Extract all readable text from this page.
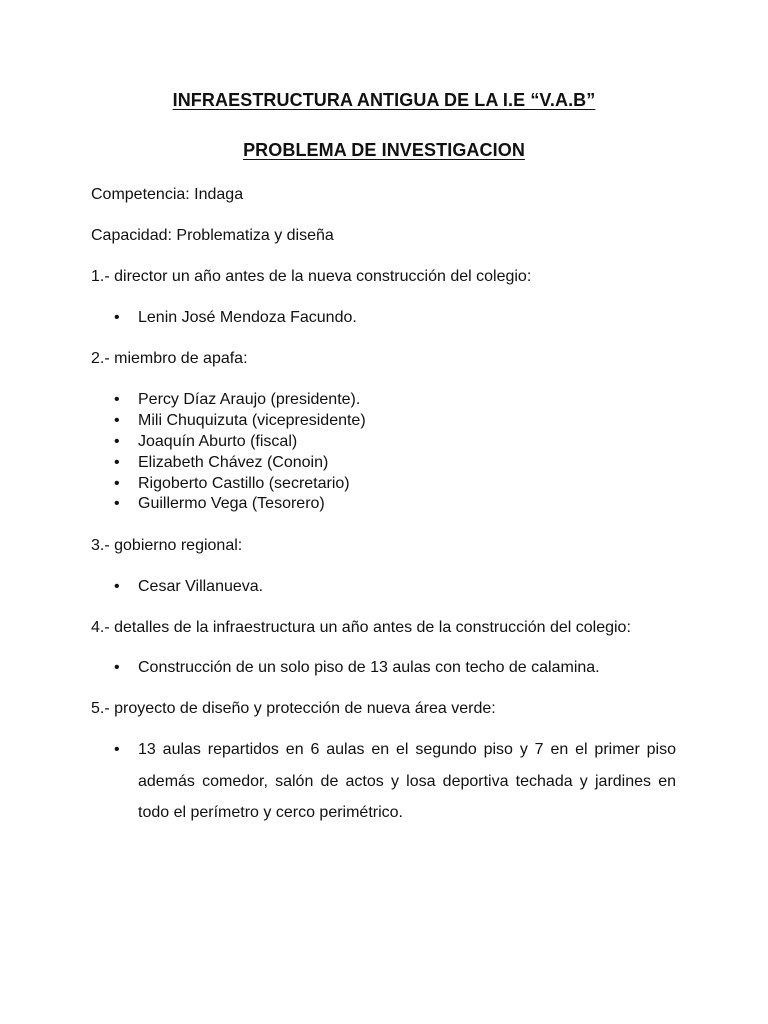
INFRAESTRUCTURA ANTIGUA DE LA I.E “V.A.B”
PROBLEMA DE INVESTIGACION
Competencia: Indaga
Capacidad: Problematiza y diseña
1.- director un año antes de la nueva construcción del colegio:
• Lenin José Mendoza Facundo.
2.- miembro de apafa:
• Percy Díaz Araujo (presidente).
• Mili Chuquizuta (vicepresidente)
• Joaquín Aburto (fiscal)
• Elizabeth Chávez (Conoin)
• Rigoberto Castillo (secretario)
• Guillermo Vega (Tesorero)
3.- gobierno regional:
• Cesar Villanueva.
4.- detalles de la infraestructura un año antes de la construcción del colegio:
• Construcción de un solo piso de 13 aulas con techo de calamina.
5.- proyecto de diseño y protección de nueva área verde:
• 13 aulas repartidos en 6 aulas en el segundo piso y 7 en el primer piso además comedor, salón de actos y losa deportiva techada y jardines en todo el perímetro y cerco perimétrico.
